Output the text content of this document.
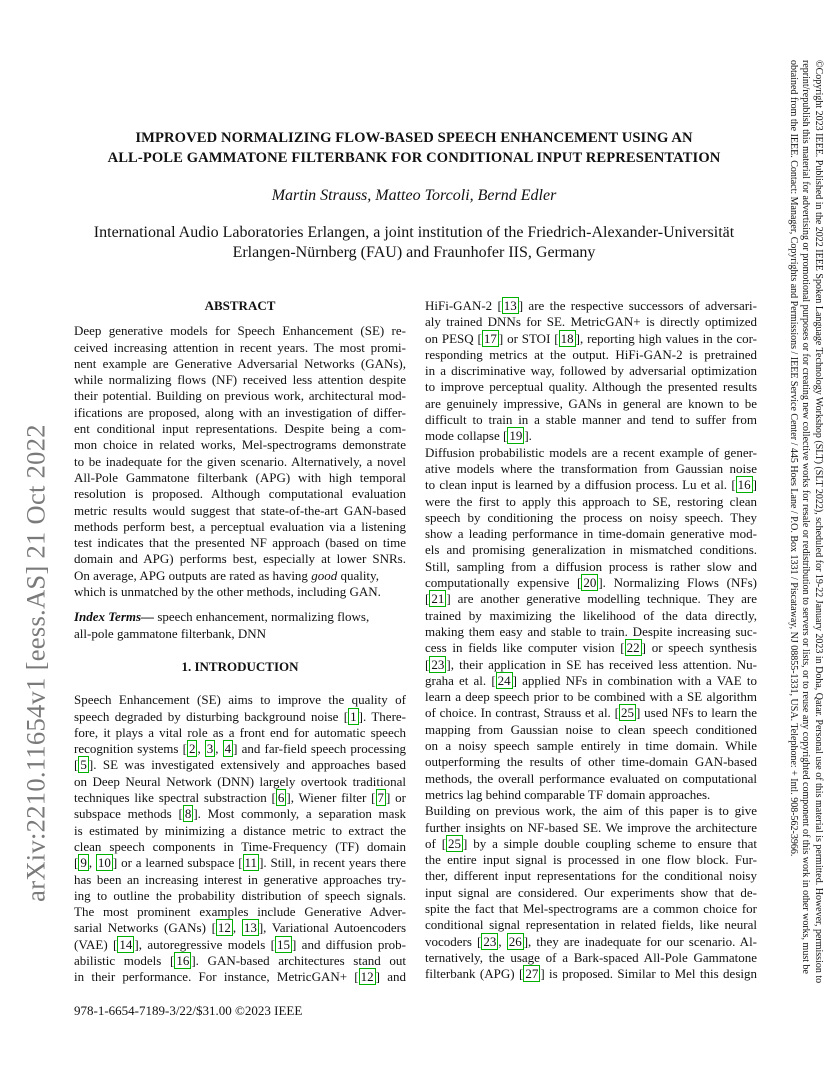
IMPROVED NORMALIZING FLOW-BASED SPEECH ENHANCEMENT USING AN
ALL-POLE GAMMATONE FILTERBANK FOR CONDITIONAL INPUT REPRESENTATION
Martin Strauss, Matteo Torcoli, Bernd Edler
International Audio Laboratories Erlangen, a joint institution of the Friedrich-Alexander-Universität
Erlangen-Nürnberg (FAU) and Fraunhofer IIS, Germany
ABSTRACT
Deep generative models for Speech Enhancement (SE) re-
ceived increasing attention in recent years. The most promi-
nent example are Generative Adversarial Networks (GANs),
while normalizing flows (NF) received less attention despite
their potential. Building on previous work, architectural mod-
ifications are proposed, along with an investigation of differ-
ent conditional input representations. Despite being a com-
mon choice in related works, Mel-spectrograms demonstrate
to be inadequate for the given scenario. Alternatively, a novel
All-Pole Gammatone filterbank (APG) with high temporal
resolution is proposed. Although computational evaluation
metric results would suggest that state-of-the-art GAN-based
methods perform best, a perceptual evaluation via a listening
test indicates that the presented NF approach (based on time
domain and APG) performs best, especially at lower SNRs.
On average, APG outputs are rated as having good quality,
which is unmatched by the other methods, including GAN.
Index Terms— speech enhancement, normalizing flows,
all-pole gammatone filterbank, DNN
1. INTRODUCTION
Speech Enhancement (SE) aims to improve the quality of
speech degraded by disturbing background noise [ 1 ]. There-
fore, it plays a vital role as a front end for automatic speech
recognition systems [ 2 , 3 , 4 ] and far-field speech processing
[ 5 ]. SE was investigated extensively and approaches based
on Deep Neural Network (DNN) largely overtook traditional
techniques like spectral substraction [ 6 ], Wiener filter [ 7 ] or
subspace methods [ 8 ]. Most commonly, a separation mask
is estimated by minimizing a distance metric to extract the
clean speech components in Time-Frequency (TF) domain
[ 9 , 10 ] or a learned subspace [ 11 ]. Still, in recent years there
has been an increasing interest in generative approaches try-
ing to outline the probability distribution of speech signals.
The most prominent examples include Generative Adver-
sarial Networks (GANs) [ 12 , 13 ], Variational Autoencoders
(VAE) [ 14 ], autoregressive models [ 15 ] and diffusion prob-
abilistic models [ 16 ]. GAN-based architectures stand out
in their performance. For instance, MetricGAN+ [ 12 ] and
HiFi-GAN-2 [ 13 ] are the respective successors of adversari-
aly trained DNNs for SE. MetricGAN+ is directly optimized
on PESQ [ 17 ] or STOI [ 18 ], reporting high values in the cor-
responding metrics at the output. HiFi-GAN-2 is pretrained
in a discriminative way, followed by adversarial optimization
to improve perceptual quality. Although the presented results
are genuinely impressive, GANs in general are known to be
difficult to train in a stable manner and tend to suffer from
mode collapse [ 19 ].
Diffusion probabilistic models are a recent example of gener-
ative models where the transformation from Gaussian noise
to clean input is learned by a diffusion process. Lu et al. [ 16 ]
were the first to apply this approach to SE, restoring clean
speech by conditioning the process on noisy speech. They
show a leading performance in time-domain generative mod-
els and promising generalization in mismatched conditions.
Still, sampling from a diffusion process is rather slow and
computationally expensive [ 20 ]. Normalizing Flows (NFs)
[ 21 ] are another generative modelling technique. They are
trained by maximizing the likelihood of the data directly,
making them easy and stable to train. Despite increasing suc-
cess in fields like computer vision [ 22 ] or speech synthesis
[ 23 ], their application in SE has received less attention. Nu-
graha et al. [ 24 ] applied NFs in combination with a VAE to
learn a deep speech prior to be combined with a SE algorithm
of choice. In contrast, Strauss et al. [ 25 ] used NFs to learn the
mapping from Gaussian noise to clean speech conditioned
on a noisy speech sample entirely in time domain. While
outperforming the results of other time-domain GAN-based
methods, the overall performance evaluated on computational
metrics lag behind comparable TF domain approaches.
Building on previous work, the aim of this paper is to give
further insights on NF-based SE. We improve the architecture
of [ 25 ] by a simple double coupling scheme to ensure that
the entire input signal is processed in one flow block. Fur-
ther, different input representations for the conditional noisy
input signal are considered. Our experiments show that de-
spite the fact that Mel-spectrograms are a common choice for
conditional signal representation in related fields, like neural
vocoders [ 23 , 26 ], they are inadequate for our scenario. Al-
ternatively, the usage of a Bark-spaced All-Pole Gammatone
filterbank (APG) [ 27 ] is proposed. Similar to Mel this design
978-1-6654-7189-3/22/$31.00 ©2023 IEEE
arXiv:2210.11654v1 [eess.AS] 21 Oct 2022	©Copyright 2023 IEEE. Published in the 2022 IEEE Spoken Language Technology Workshop (SLT) (SLT 2022), scheduled for 19-22 January 2023 in Doha, Qatar. Personal use of this material is permitted. However, permission to
reprint/republish this material for advertising or promotional purposes or for creating new collective works for resale or redistribution to servers or lists, or to reuse any copyrighted component of this work in other works, must be
obtained from the IEEE. Contact: Manager, Copyrights and Permissions / IEEE Service Center / 445 Hoes Lane / P.O. Box 1331 / Piscataway, NJ 08855-1331, USA. Telephone: + Intl. 908-562-3966.
